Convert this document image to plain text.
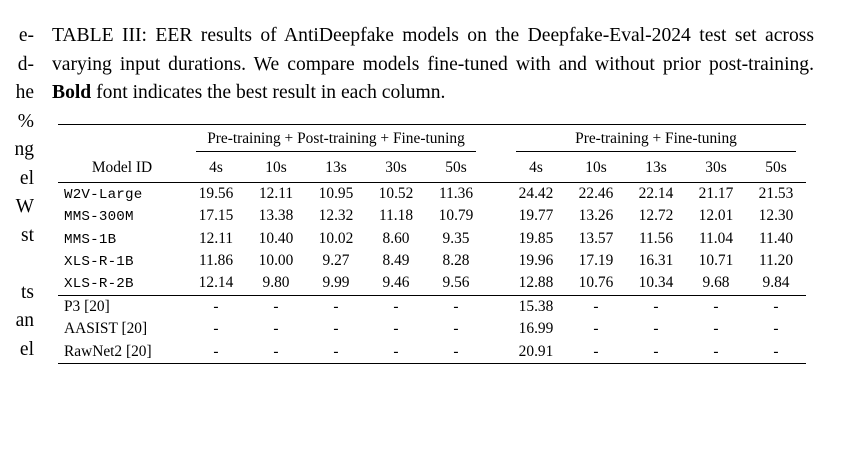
e-
d-
he
%
ng
el
W
st

ts
an
el

TABLE III: EER results of AntiDeepfake models on the Deepfake-Eval-2024 test set across varying input durations. We compare models fine-tuned with and without prior post-training. Bold font indicates the best result in each column.

	Pre-training + Post-training + Fine-tuning						Pre-training + Fine-tuning				

Model ID	4s	10s	13s	30s	50s		4s	10s	13s	30s	50s

W2V-Large	19.56	12.11	10.95	10.52	11.36		24.42	22.46	22.14	21.17	21.53
MMS-300M	17.15	13.38	12.32	11.18	10.79		19.77	13.26	12.72	12.01	12.30
MMS-1B	12.11	10.40	10.02	8.60	9.35		19.85	13.57	11.56	11.04	11.40
XLS-R-1B	11.86	10.00	9.27	8.49	8.28		19.96	17.19	16.31	10.71	11.20
XLS-R-2B	12.14	9.80	9.99	9.46	9.56		12.88	10.76	10.34	9.68	9.84

P3 [20]	-	-	-	-	-		15.38	-	-	-	-
AASIST [20]	-	-	-	-	-		16.99	-	-	-	-
RawNet2 [20]	-	-	-	-	-		20.91	-	-	-	-
